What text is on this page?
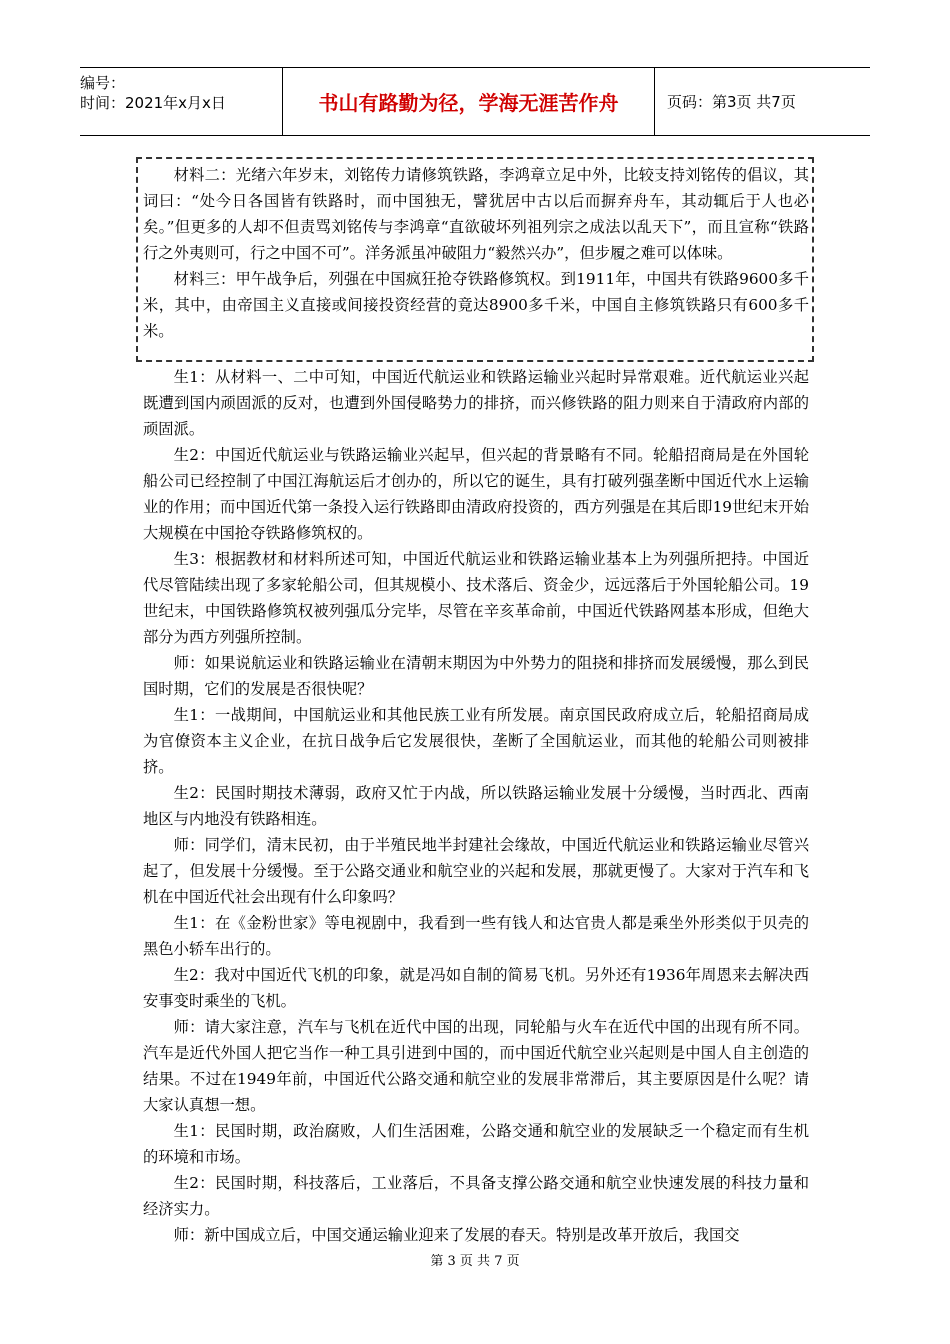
编号：
时间：2021年x月x日	书山有路勤为径，学海无涯苦作舟	页码：第3页 共7页

材料二：光绪六年岁末，刘铭传力请修筑铁路，李鸿章立足中外，比较支持刘铭传的倡议，其词曰：“处今日各国皆有铁路时，而中国独无，譬犹居中古以后而摒弃舟车，其动辄后于人也必矣。”但更多的人却不但责骂刘铭传与李鸿章“直欲破坏列祖列宗之成法以乱天下”，而且宣称“铁路行之外夷则可，行之中国不可”。洋务派虽冲破阻力“毅然兴办”，但步履之难可以体味。

材料三：甲午战争后，列强在中国疯狂抢夺铁路修筑权。到1911年，中国共有铁路9600多千米，其中，由帝国主义直接或间接投资经营的竟达8900多千米，中国自主修筑铁路只有600多千米。

生1：从材料一、二中可知，中国近代航运业和铁路运输业兴起时异常艰难。近代航运业兴起既遭到国内顽固派的反对，也遭到外国侵略势力的排挤，而兴修铁路的阻力则来自于清政府内部的顽固派。

生2：中国近代航运业与铁路运输业兴起早，但兴起的背景略有不同。轮船招商局是在外国轮船公司已经控制了中国江海航运后才创办的，所以它的诞生，具有打破列强垄断中国近代水上运输业的作用；而中国近代第一条投入运行铁路即由清政府投资的，西方列强是在其后即19世纪末开始大规模在中国抢夺铁路修筑权的。

生3：根据教材和材料所述可知，中国近代航运业和铁路运输业基本上为列强所把持。中国近代尽管陆续出现了多家轮船公司，但其规模小、技术落后、资金少，远远落后于外国轮船公司。19世纪末，中国铁路修筑权被列强瓜分完毕，尽管在辛亥革命前，中国近代铁路网基本形成，但绝大部分为西方列强所控制。

师：如果说航运业和铁路运输业在清朝末期因为中外势力的阻挠和排挤而发展缓慢，那么到民国时期，它们的发展是否很快呢？

生1：一战期间，中国航运业和其他民族工业有所发展。南京国民政府成立后，轮船招商局成为官僚资本主义企业，在抗日战争后它发展很快，垄断了全国航运业，而其他的轮船公司则被排挤。

生2：民国时期技术薄弱，政府又忙于内战，所以铁路运输业发展十分缓慢，当时西北、西南地区与内地没有铁路相连。

师：同学们，清末民初，由于半殖民地半封建社会缘故，中国近代航运业和铁路运输业尽管兴起了，但发展十分缓慢。至于公路交通业和航空业的兴起和发展，那就更慢了。大家对于汽车和飞机在中国近代社会出现有什么印象吗？

生1：在《金粉世家》等电视剧中，我看到一些有钱人和达官贵人都是乘坐外形类似于贝壳的黑色小轿车出行的。

生2：我对中国近代飞机的印象，就是冯如自制的简易飞机。另外还有1936年周恩来去解决西安事变时乘坐的飞机。

师：请大家注意，汽车与飞机在近代中国的出现，同轮船与火车在近代中国的出现有所不同。汽车是近代外国人把它当作一种工具引进到中国的，而中国近代航空业兴起则是中国人自主创造的结果。不过在1949年前，中国近代公路交通和航空业的发展非常滞后，其主要原因是什么呢？请大家认真想一想。

生1：民国时期，政治腐败，人们生活困难，公路交通和航空业的发展缺乏一个稳定而有生机的环境和市场。

生2：民国时期，科技落后，工业落后，不具备支撑公路交通和航空业快速发展的科技力量和经济实力。

师：新中国成立后，中国交通运输业迎来了发展的春天。特别是改革开放后，我国交

第 3 页 共 7 页
